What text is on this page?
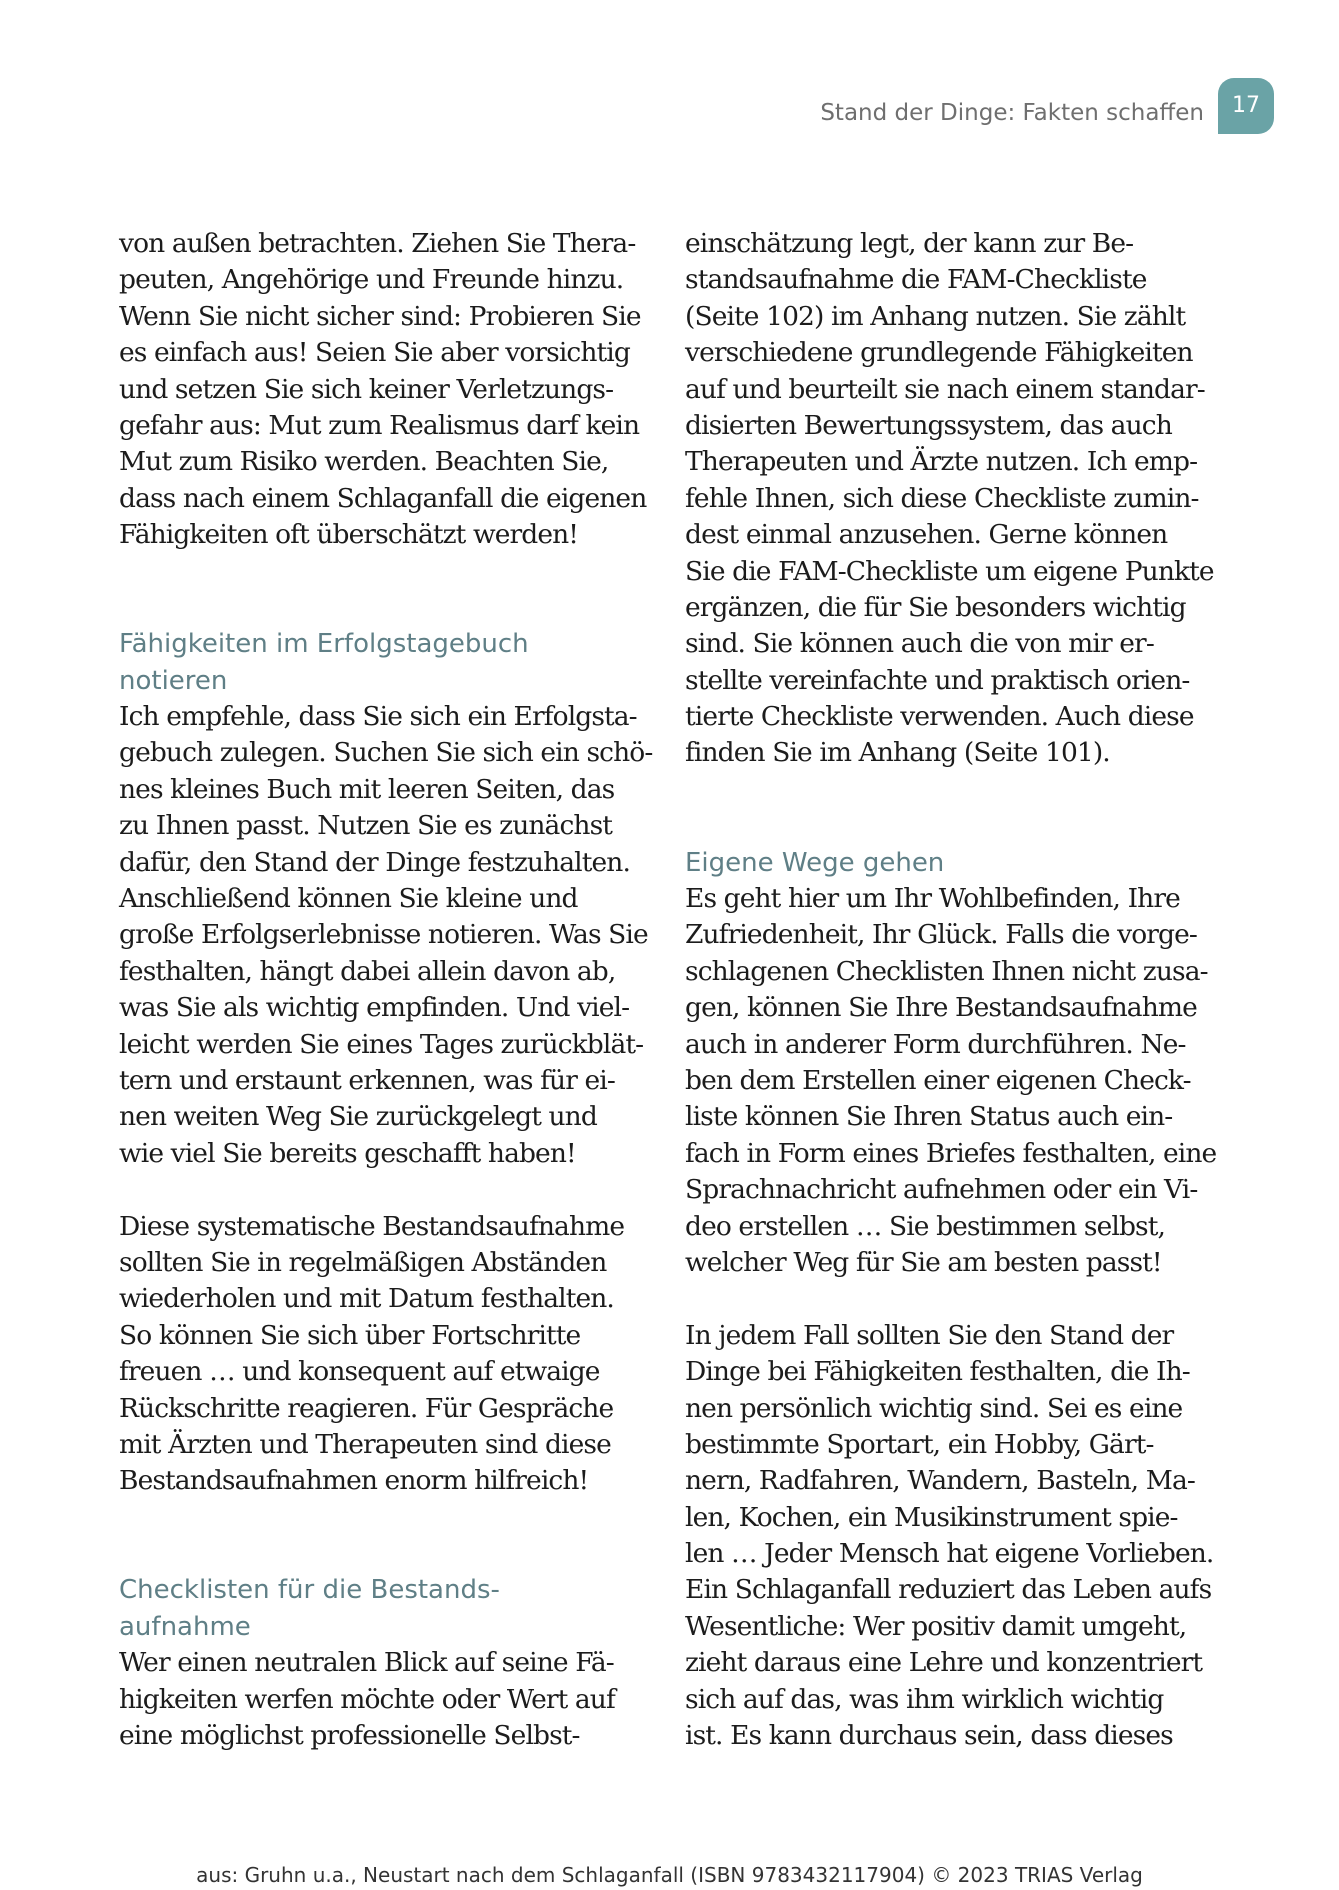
Stand der Dinge: Fakten schaffen	17
von außen betrachten. Ziehen Sie Thera-
peuten, Angehörige und Freunde hinzu.
Wenn Sie nicht sicher sind: Probieren Sie
es einfach aus! Seien Sie aber vorsichtig
und setzen Sie sich keiner Verletzungs-
gefahr aus: Mut zum Realismus darf kein
Mut zum Risiko werden. Beachten Sie,
dass nach einem Schlaganfall die eigenen
Fähigkeiten oft überschätzt werden!
Fähigkeiten im Erfolgstagebuch
notieren
Ich empfehle, dass Sie sich ein Erfolgsta-
gebuch zulegen. Suchen Sie sich ein schö-
nes kleines Buch mit leeren Seiten, das
zu Ihnen passt. Nutzen Sie es zunächst
dafür, den Stand der Dinge festzuhalten.
Anschließend können Sie kleine und
große Erfolgserlebnisse notieren. Was Sie
festhalten, hängt dabei allein davon ab,
was Sie als wichtig empfinden. Und viel-
leicht werden Sie eines Tages zurückblät-
tern und erstaunt erkennen, was für ei-
nen weiten Weg Sie zurückgelegt und
wie viel Sie bereits geschafft haben!
Diese systematische Bestandsaufnahme
sollten Sie in regelmäßigen Abständen
wiederholen und mit Datum festhalten.
So können Sie sich über Fortschritte
freuen … und konsequent auf etwaige
Rückschritte reagieren. Für Gespräche
mit Ärzten und Therapeuten sind diese
Bestandsaufnahmen enorm hilfreich!
Checklisten für die Bestands-
aufnahme
Wer einen neutralen Blick auf seine Fä-
higkeiten werfen möchte oder Wert auf
eine möglichst professionelle Selbst-
einschätzung legt, der kann zur Be-
standsaufnahme die FAM-Checkliste
(Seite 102) im Anhang nutzen. Sie zählt
verschiedene grundlegende Fähigkeiten
auf und beurteilt sie nach einem standar-
disierten Bewertungssystem, das auch
Therapeuten und Ärzte nutzen. Ich emp-
fehle Ihnen, sich diese Checkliste zumin-
dest einmal anzusehen. Gerne können
Sie die FAM-Checkliste um eigene Punkte
ergänzen, die für Sie besonders wichtig
sind. Sie können auch die von mir er-
stellte vereinfachte und praktisch orien-
tierte Checkliste verwenden. Auch diese
finden Sie im Anhang (Seite 101).
Eigene Wege gehen
Es geht hier um Ihr Wohlbefinden, Ihre
Zufriedenheit, Ihr Glück. Falls die vorge-
schlagenen Checklisten Ihnen nicht zusa-
gen, können Sie Ihre Bestandsaufnahme
auch in anderer Form durchführen. Ne-
ben dem Erstellen einer eigenen Check-
liste können Sie Ihren Status auch ein-
fach in Form eines Briefes festhalten, eine
Sprachnachricht aufnehmen oder ein Vi-
deo erstellen … Sie bestimmen selbst,
welcher Weg für Sie am besten passt!
In jedem Fall sollten Sie den Stand der
Dinge bei Fähigkeiten festhalten, die Ih-
nen persönlich wichtig sind. Sei es eine
bestimmte Sportart, ein Hobby, Gärt-
nern, Radfahren, Wandern, Basteln, Ma-
len, Kochen, ein Musikinstrument spie-
len … Jeder Mensch hat eigene Vorlieben.
Ein Schlaganfall reduziert das Leben aufs
Wesentliche: Wer positiv damit umgeht,
zieht daraus eine Lehre und konzentriert
sich auf das, was ihm wirklich wichtig
ist. Es kann durchaus sein, dass dieses
aus: Gruhn u.a., Neustart nach dem Schlaganfall (ISBN 9783432117904) © 2023 TRIAS Verlag
